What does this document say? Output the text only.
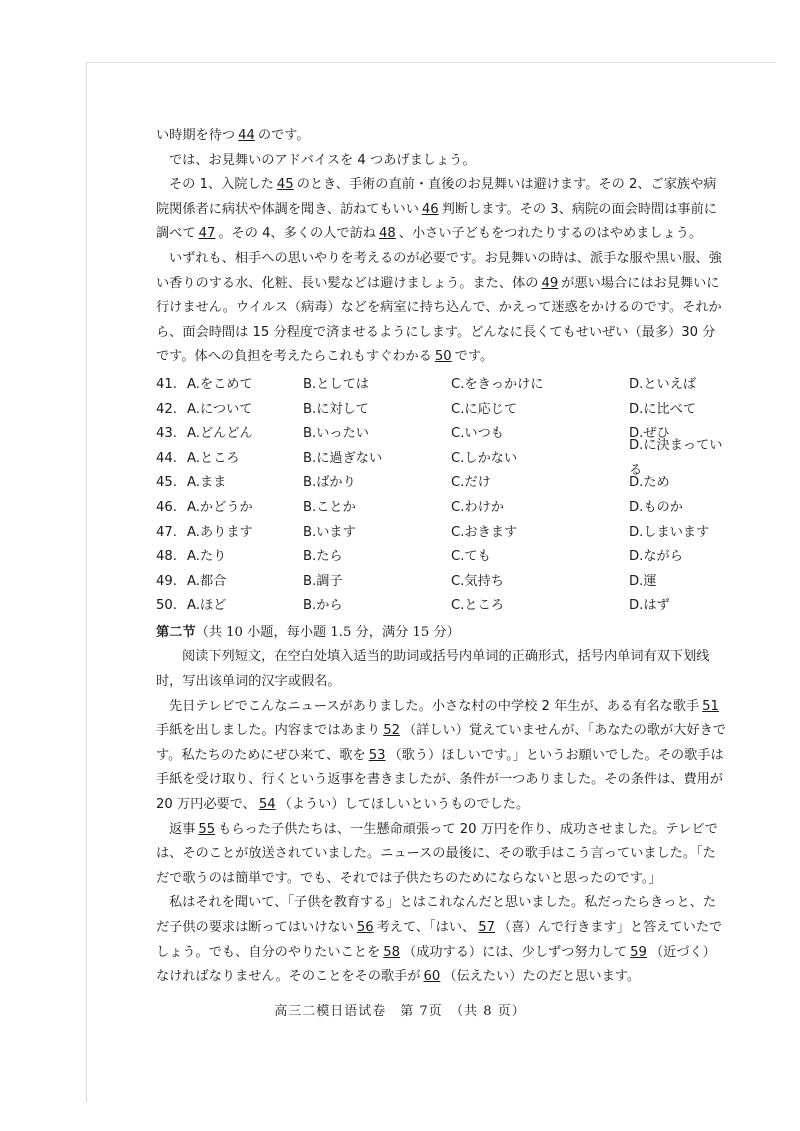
い時期を待つ 44 のです。

では、お見舞いのアドバイスを 4 つあげましょう。

その 1、入院した 45 のとき、手術の直前・直後のお見舞いは避けます。その 2、ご家族や病院関係者に病状や体調を聞き、訪ねてもいい 46 判断します。その 3、病院の面会時間は事前に調べて 47 。その 4、多くの人で訪ね 48 、小さい子どもをつれたりするのはやめましょう。

いずれも、相手への思いやりを考えるのが必要です。お見舞いの時は、派手な服や黒い服、強い香りのする水、化粧、長い髪などは避けましょう。また、体の 49 が悪い場合にはお見舞いに行けません。ウイルス（病毒）などを病室に持ち込んで、かえって迷惑をかけるのです。それから、面会時間は 15 分程度で済ませるようにします。どんなに長くてもせいぜい（最多）30 分です。体への負担を考えたらこれもすぐわかる 50 です。

41. A.をこめて	B.としては	C.をきっかけに	D.といえば
42. A.について	B.に対して	C.に応じて	D.に比べて
43. A.どんどん	B.いったい	C.いつも	D.ぜひ
44. A.ところ	B.に過ぎない	C.しかない
D.に決まっている
45. A.まま	B.ばかり	C.だけ	D.ため
46. A.かどうか	B.ことか	C.わけか	D.ものか
47. A.あります	B.います	C.おきます	D.しまいます
48. A.たり	B.たら	C.ても	D.ながら
49. A.都合	B.調子	C.気持ち	D.運
50. A.ほど	B.から	C.ところ	D.はず
第二节（共 10 小题，每小题 1.5 分，满分 15 分）

阅读下列短文，在空白处填入适当的助词或括号内单词的正确形式，括号内单词有双下划线时，写出该单词的汉字或假名。

先日テレビでこんなニュースがありました。小さな村の中学校 2 年生が、ある有名な歌手 51手紙を出しました。内容まではあまり 52 （詳しい）覚えていませんが、「あなたの歌が大好きです。私たちのためにぜひ来て、歌を 53 （歌う）ほしいです。」というお願いでした。その歌手は手紙を受け取り、行くという返事を書きましたが、条件が一つありました。その条件は、費用が 20 万円必要で、 54 （ようい）してほしいというものでした。

返事 55 もらった子供たちは、一生懸命頑張って 20 万円を作り、成功させました。テレビでは、そのことが放送されていました。ニュースの最後に、その歌手はこう言っていました。「ただで歌うのは簡単です。でも、それでは子供たちのためにならないと思ったのです。」

私はそれを聞いて、「子供を教育する」とはこれなんだと思いました。私だったらきっと、ただ子供の要求は断ってはいけない 56 考えて、「はい、 57 （喜）んで行きます」と答えていたでしょう。でも、自分のやりたいことを 58 （成功する）には、少しずつ努力して 59 （近づく）なければなりません。そのことをその歌手が 60 （伝えたい）たのだと思います。

高三二模日语试卷　第 7页　（共 8 页）
